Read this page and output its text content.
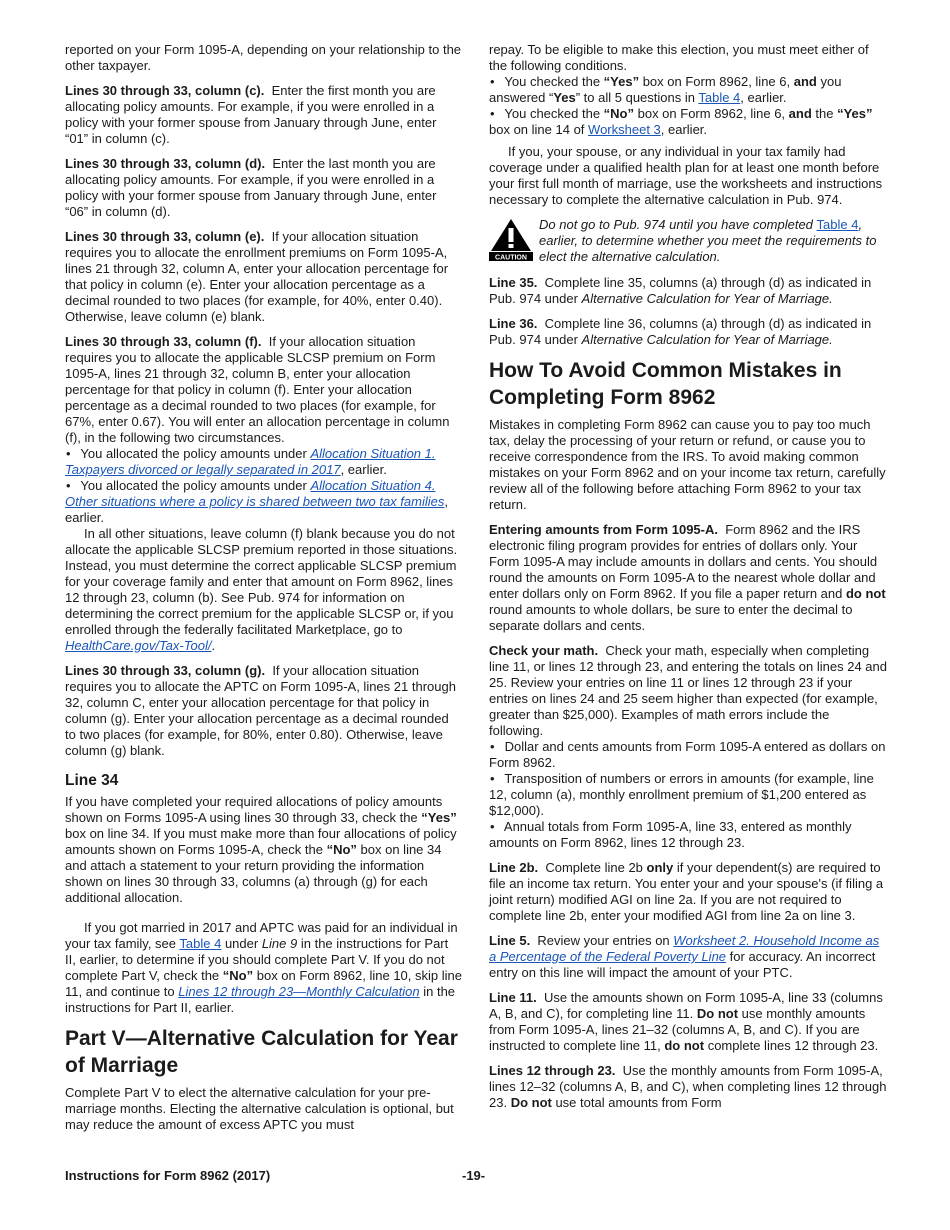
reported on your Form 1095-A, depending on your relationship to the other taxpayer.

Lines 30 through 33, column (c). Enter the first month you are allocating policy amounts. For example, if you were enrolled in a policy with your former spouse from January through June, enter “01” in column (c).

Lines 30 through 33, column (d). Enter the last month you are allocating policy amounts. For example, if you were enrolled in a policy with your former spouse from January through June, enter “06” in column (d).

Lines 30 through 33, column (e). If your allocation situation requires you to allocate the enrollment premiums on Form 1095-A, lines 21 through 32, column A, enter your allocation percentage for that policy in column (e). Enter your allocation percentage as a decimal rounded to two places (for example, for 40%, enter 0.40). Otherwise, leave column (e) blank.

Lines 30 through 33, column (f). If your allocation situation requires you to allocate the applicable SLCSP premium on Form 1095-A, lines 21 through 32, column B, enter your allocation percentage for that policy in column (f). Enter your allocation percentage as a decimal rounded to two places (for example, for 67%, enter 0.67). You will enter an allocation percentage in column (f), in the following two circumstances.

• You allocated the policy amounts under Allocation Situation 1. Taxpayers divorced or legally separated in 2017, earlier.

• You allocated the policy amounts under Allocation Situation 4. Other situations where a policy is shared between two tax families, earlier.

In all other situations, leave column (f) blank because you do not allocate the applicable SLCSP premium reported in those situations. Instead, you must determine the correct applicable SLCSP premium for your coverage family and enter that amount on Form 8962, lines 12 through 23, column (b). See Pub. 974 for information on determining the correct premium for the applicable SLCSP or, if you enrolled through the federally facilitated Marketplace, go to HealthCare.gov/Tax-Tool/.

Lines 30 through 33, column (g). If your allocation situation requires you to allocate the APTC on Form 1095-A, lines 21 through 32, column C, enter your allocation percentage for that policy in column (g). Enter your allocation percentage as a decimal rounded to two places (for example, for 80%, enter 0.80). Otherwise, leave column (g) blank.

Line 34

If you have completed your required allocations of policy amounts shown on Forms 1095-A using lines 30 through 33, check the “Yes” box on line 34. If you must make more than four allocations of policy amounts shown on Forms 1095-A, check the “No” box on line 34 and attach a statement to your return providing the information shown on lines 30 through 33, columns (a) through (g) for each additional allocation.

If you got married in 2017 and APTC was paid for an individual in your tax family, see Table 4 under Line 9 in the instructions for Part II, earlier, to determine if you should complete Part V. If you do not complete Part V, check the “No” box on Form 8962, line 10, skip line 11, and continue to Lines 12 through 23—Monthly Calculation in the instructions for Part II, earlier.

Part V—Alternative Calculation for Year of Marriage

Complete Part V to elect the alternative calculation for your pre-marriage months. Electing the alternative calculation is optional, but may reduce the amount of excess APTC you must

repay. To be eligible to make this election, you must meet either of the following conditions.

• You checked the “Yes” box on Form 8962, line 6, and you answered “Yes” to all 5 questions in Table 4, earlier.

• You checked the “No” box on Form 8962, line 6, and the “Yes” box on line 14 of Worksheet 3, earlier.

If you, your spouse, or any individual in your tax family had coverage under a qualified health plan for at least one month before your first full month of marriage, use the worksheets and instructions necessary to complete the alternative calculation in Pub. 974.

CAUTION
Do not go to Pub. 974 until you have completed Table 4, earlier, to determine whether you meet the requirements to elect the alternative calculation.

Line 35. Complete line 35, columns (a) through (d) as indicated in Pub. 974 under Alternative Calculation for Year of Marriage.

Line 36. Complete line 36, columns (a) through (d) as indicated in Pub. 974 under Alternative Calculation for Year of Marriage.

How To Avoid Common Mistakes in Completing Form 8962

Mistakes in completing Form 8962 can cause you to pay too much tax, delay the processing of your return or refund, or cause you to receive correspondence from the IRS. To avoid making common mistakes on your Form 8962 and on your income tax return, carefully review all of the following before attaching Form 8962 to your tax return.

Entering amounts from Form 1095-A. Form 8962 and the IRS electronic filing program provides for entries of dollars only. Your Form 1095-A may include amounts in dollars and cents. You should round the amounts on Form 1095-A to the nearest whole dollar and enter dollars only on Form 8962. If you file a paper return and do not round amounts to whole dollars, be sure to enter the decimal to separate dollars and cents.

Check your math. Check your math, especially when completing line 11, or lines 12 through 23, and entering the totals on lines 24 and 25. Review your entries on line 11 or lines 12 through 23 if your entries on lines 24 and 25 seem higher than expected (for example, greater than $25,000). Examples of math errors include the following.

• Dollar and cents amounts from Form 1095-A entered as dollars on Form 8962.

• Transposition of numbers or errors in amounts (for example, line 12, column (a), monthly enrollment premium of $1,200 entered as $12,000).

• Annual totals from Form 1095-A, line 33, entered as monthly amounts on Form 8962, lines 12 through 23.

Line 2b. Complete line 2b only if your dependent(s) are required to file an income tax return. You enter your and your spouse's (if filing a joint return) modified AGI on line 2a. If you are not required to complete line 2b, enter your modified AGI from line 2a on line 3.

Line 5. Review your entries on Worksheet 2. Household Income as a Percentage of the Federal Poverty Line for accuracy. An incorrect entry on this line will impact the amount of your PTC.

Line 11. Use the amounts shown on Form 1095-A, line 33 (columns A, B, and C), for completing line 11. Do not use monthly amounts from Form 1095-A, lines 21–32 (columns A, B, and C). If you are instructed to complete line 11, do not complete lines 12 through 23.

Lines 12 through 23. Use the monthly amounts from Form 1095-A, lines 12–32 (columns A, B, and C), when completing lines 12 through 23. Do not use total amounts from Form

Instructions for Form 8962 (2017)	-19-
